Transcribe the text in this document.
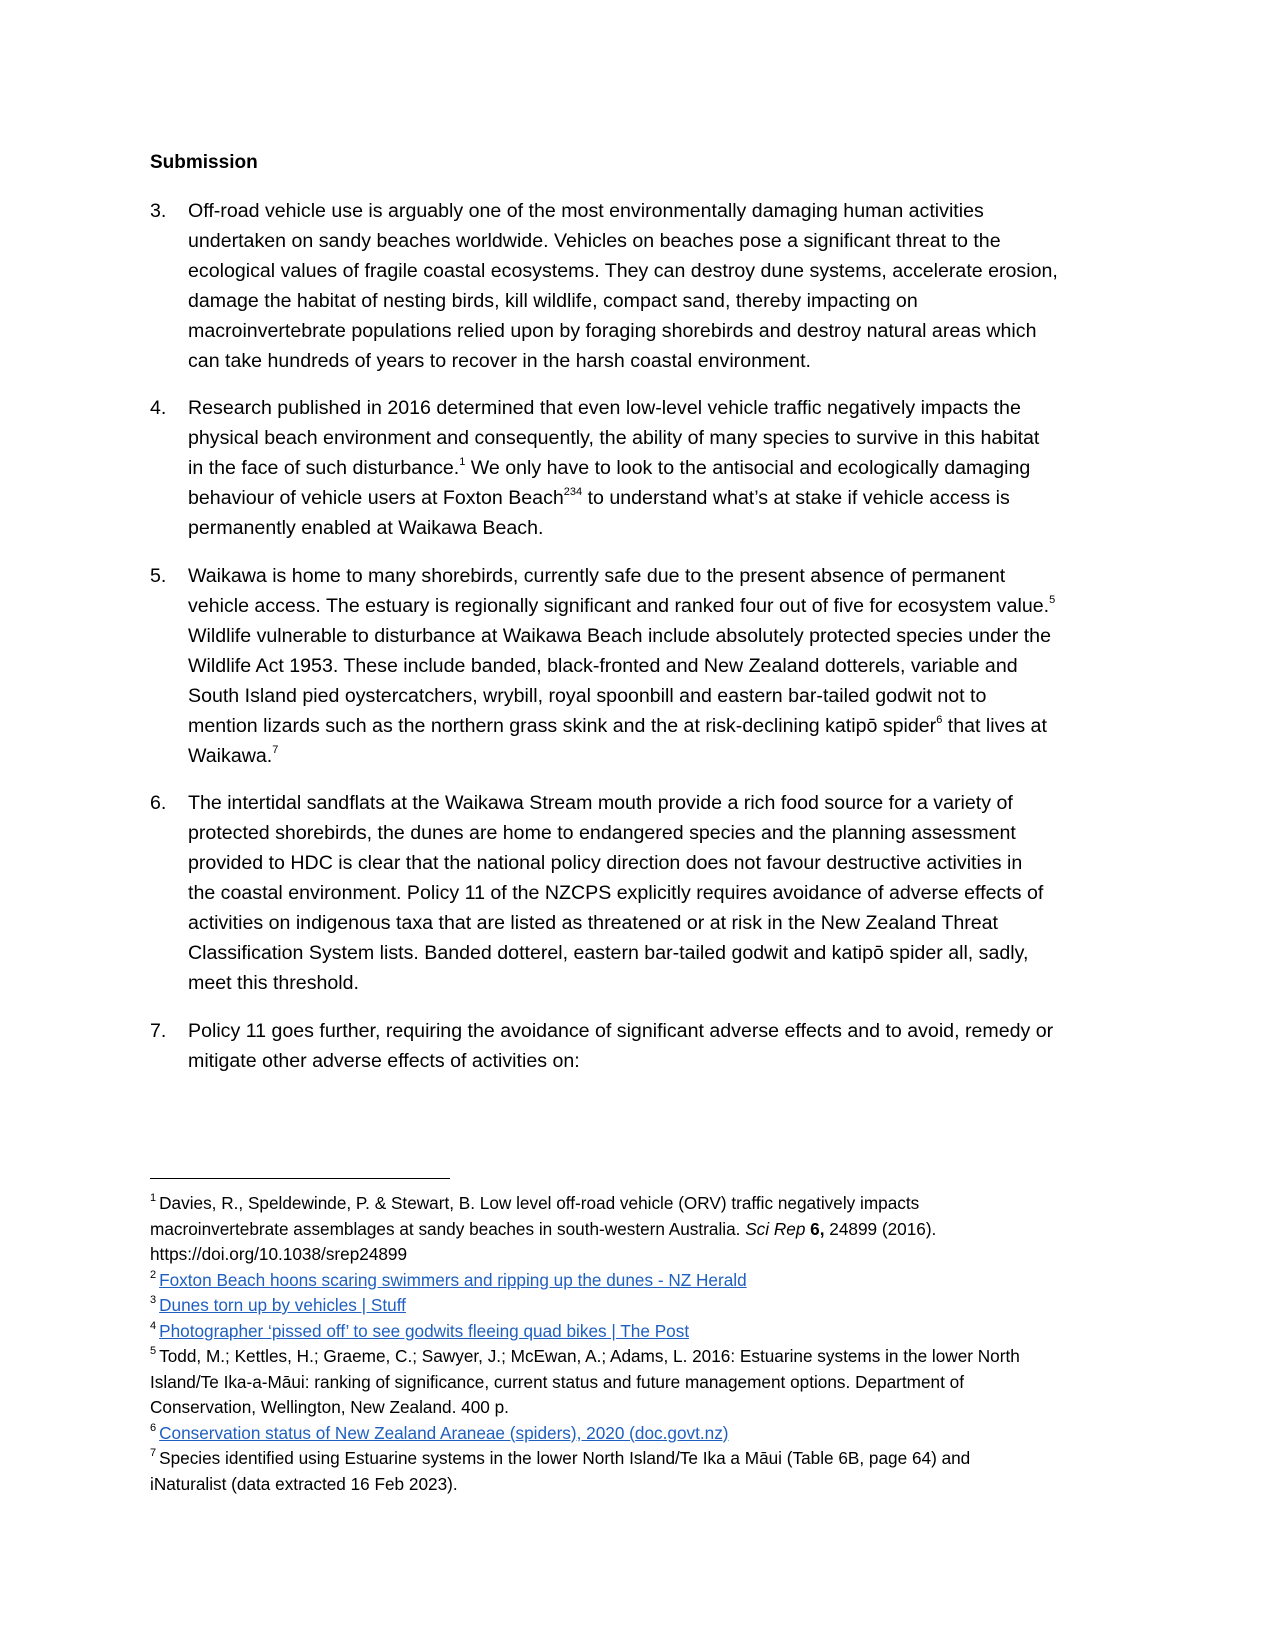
Submission
3.	Off-road vehicle use is arguably one of the most environmentally damaging human activities
undertaken on sandy beaches worldwide. Vehicles on beaches pose a significant threat to the
ecological values of fragile coastal ecosystems. They can destroy dune systems, accelerate erosion,
damage the habitat of nesting birds, kill wildlife, compact sand, thereby impacting on
macroinvertebrate populations relied upon by foraging shorebirds and destroy natural areas which
can take hundreds of years to recover in the harsh coastal environment.
4.	Research published in 2016 determined that even low-level vehicle traffic negatively impacts the
physical beach environment and consequently, the ability of many species to survive in this habitat
in the face of such disturbance.$^1$ We only have to look to the antisocial and ecologically damaging
behaviour of vehicle users at Foxton Beach$^{234}$ to understand what’s at stake if vehicle access is
permanently enabled at Waikawa Beach.
5.	Waikawa is home to many shorebirds, currently safe due to the present absence of permanent
vehicle access. The estuary is regionally significant and ranked four out of five for ecosystem value.$^5$
Wildlife vulnerable to disturbance at Waikawa Beach include absolutely protected species under the
Wildlife Act 1953. These include banded, black-fronted and New Zealand dotterels, variable and
South Island pied oystercatchers, wrybill, royal spoonbill and eastern bar-tailed godwit not to
mention lizards such as the northern grass skink and the at risk-declining katipō spider$^6$ that lives at
Waikawa.$^7$
6.	The intertidal sandflats at the Waikawa Stream mouth provide a rich food source for a variety of
protected shorebirds, the dunes are home to endangered species and the planning assessment
provided to HDC is clear that the national policy direction does not favour destructive activities in
the coastal environment. Policy 11 of the NZCPS explicitly requires avoidance of adverse effects of
activities on indigenous taxa that are listed as threatened or at risk in the New Zealand Threat
Classification System lists. Banded dotterel, eastern bar-tailed godwit and katipō spider all, sadly,
meet this threshold.
7.	Policy 11 goes further, requiring the avoidance of significant adverse effects and to avoid, remedy or
mitigate other adverse effects of activities on:
$^1$ Davies, R., Speldewinde, P. & Stewart, B. Low level off-road vehicle (ORV) traffic negatively impacts
macroinvertebrate assemblages at sandy beaches in south-western Australia. Sci Rep 6, 24899 (2016).
https://doi.org/10.1038/srep24899
$^2$ Foxton Beach hoons scaring swimmers and ripping up the dunes - NZ Herald
$^3$ Dunes torn up by vehicles | Stuff
$^4$ Photographer ‘pissed off’ to see godwits fleeing quad bikes | The Post
$^5$ Todd, M.; Kettles, H.; Graeme, C.; Sawyer, J.; McEwan, A.; Adams, L. 2016: Estuarine systems in the lower North
Island/Te Ika-a-Māui: ranking of significance, current status and future management options. Department of
Conservation, Wellington, New Zealand. 400 p.
$^6$ Conservation status of New Zealand Araneae (spiders), 2020 (doc.govt.nz)
$^7$ Species identified using Estuarine systems in the lower North Island/Te Ika a Māui (Table 6B, page 64) and
iNaturalist (data extracted 16 Feb 2023).
